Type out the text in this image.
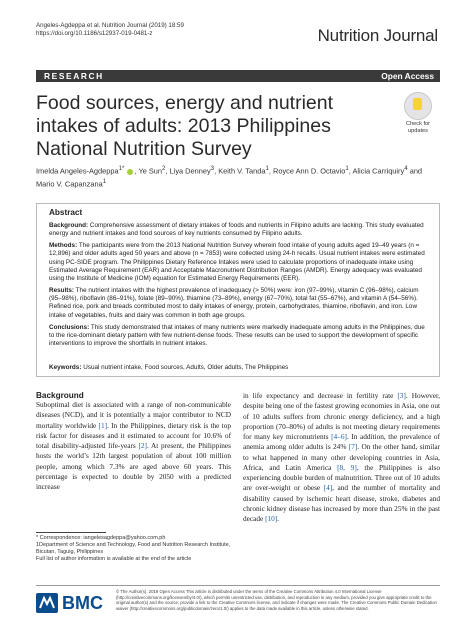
Angeles-Agdeppa et al. Nutrition Journal (2019) 18:59
https://doi.org/10.1186/s12937-019-0481-z	Nutrition Journal
RESEARCH	Open Access
Food sources, energy and nutrient intakes of adults: 2013 Philippines National Nutrition Survey
Check for updates
Imelda Angeles-Agdeppa$^{1*}$ , Ye Sun$^2$, Liya Denney$^3$, Keith V. Tanda$^1$, Royce Ann D. Octavio$^1$, Alicia Carriquiry$^4$ and
Mario V. Capanzana$^1$
Abstract

Background: Comprehensive assessment of dietary intakes of foods and nutrients in Filipino adults are lacking. This study evaluated energy and nutrient intakes and food sources of key nutrients consumed by Filipino adults.

Methods: The participants were from the 2013 National Nutrition Survey wherein food intake of young adults aged 19–49 years (n = 12,896) and older adults aged 50 years and above (n = 7853) were collected using 24-h recalls. Usual nutrient intakes were estimated using PC-SIDE program. The Philippines Dietary Reference Intakes were used to calculate proportions of inadequate intake using Estimated Average Requirement (EAR) and Acceptable Macronutrient Distribution Ranges (AMDR). Energy adequacy was evaluated using the Institute of Medicine (IOM) equation for Estimated Energy Requirements (EER).

Results: The nutrient intakes with the highest prevalence of inadequacy (> 50%) were: iron (97–99%), vitamin C (96–98%), calcium (95–98%), riboflavin (86–91%), folate (89–90%), thiamine (73–89%), energy (67–70%), total fat (55–67%), and vitamin A (54–56%). Refined rice, pork and breads contributed most to daily intakes of energy, protein, carbohydrates, thiamine, riboflavin, and iron. Low intake of vegetables, fruits and dairy was common in both age groups.

Conclusions: This study demonstrated that intakes of many nutrients were markedly inadequate among adults in the Philippines, due to the rice-dominant dietary pattern with few nutrient-dense foods. These results can be used to support the development of specific interventions to improve the shortfalls in nutrient intakes.

Keywords: Usual nutrient intake, Food sources, Adults, Older adults, The Philippines
Background
Suboptimal diet is associated with a range of non-communicable diseases (NCD), and it is potentially a major contributor to NCD mortality worldwide [1]. In the Philippines, dietary risk is the top risk factor for diseases and it estimated to account for 10.6% of total disability-adjusted life-years [2]. At present, the Philippines hosts the world’s 12th largest population of about 100 million people, among which 7.3% are aged above 60 years. This percentage is expected to double by 2050 with a predicted increase
in life expectancy and decrease in fertility rate [3]. However, despite being one of the fastest growing economies in Asia, one out of 10 adults suffers from chronic energy deficiency, and a high proportion (70–80%) of adults is not meeting dietary requirements for many key micronutrients [4–6]. In addition, the prevalence of anemia among older adults is 24% [7]. On the other hand, similar to what happened in many other developing countries in Asia, Africa, and Latin America [8, 9], the Philippines is also experiencing double burden of malnutrition. Three out of 10 adults are over-weight or obese [4], and the number of mortality and disability caused by ischemic heart disease, stroke, diabetes and chronic kidney disease has increased by more than 25% in the past decade [10].
* Correspondence: iangelesagdeppa@yahoo.com.ph
1Department of Science and Technology, Food and Nutrition Research Institute, Bicutan, Taguig, Philippines
Full list of author information is available at the end of the article
BMC
© The Author(s). 2019 Open Access This article is distributed under the terms of the Creative Commons Attribution 4.0 International License (http://creativecommons.org/licenses/by/4.0/), which permits unrestricted use, distribution, and reproduction in any medium, provided you give appropriate credit to the original author(s) and the source, provide a link to the Creative Commons license, and indicate if changes were made. The Creative Commons Public Domain Dedication waiver (http://creativecommons.org/publicdomain/zero/1.0/) applies to the data made available in this article, unless otherwise stated.
